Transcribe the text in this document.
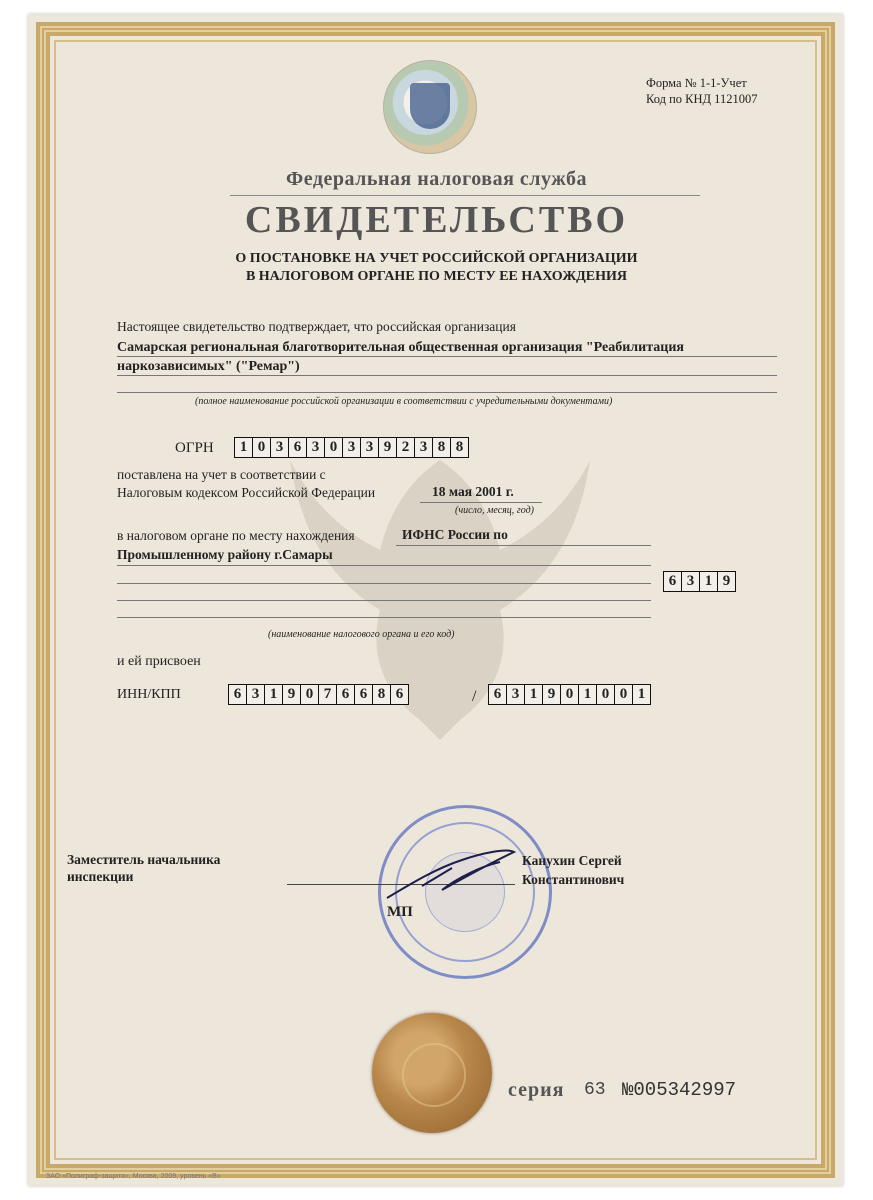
Форма № 1-1-Учет
Код по КНД 1121007
Федеральная налоговая служба
СВИДЕТЕЛЬСТВО
О ПОСТАНОВКЕ НА УЧЕТ РОССИЙСКОЙ ОРГАНИЗАЦИИ
В НАЛОГОВОМ ОРГАНЕ ПО МЕСТУ ЕЕ НАХОЖДЕНИЯ
Настоящее свидетельство подтверждает, что российская организация
Самарская региональная благотворительная общественная организация "Реабилитация
наркозависимых" ("Ремар")
(полное наименование российской организации в соответствии с учредительными документами)
ОГРН	1 0 3 6 3 0 3 3 9 2 3 8 8
поставлена на учет в соответствии с
Налоговым кодексом Российской Федерации	18 мая 2001 г.
(число, месяц, год)
в налоговом органе по месту нахождения	ИФНС России по
Промышленному району г.Самары
6 3 1 9
(наименование налогового органа и его код)
и ей присвоен
ИНН/КПП	6 3 1 9 0 7 6 6 8 6	/	6 3 1 9 0 1 0 0 1
Заместитель начальника
инспекции
Канухин Сергей
Константинович
МП
серия 63 №005342997
ЗАО «Полиграф-защита», Москва, 2009, уровень «В»
